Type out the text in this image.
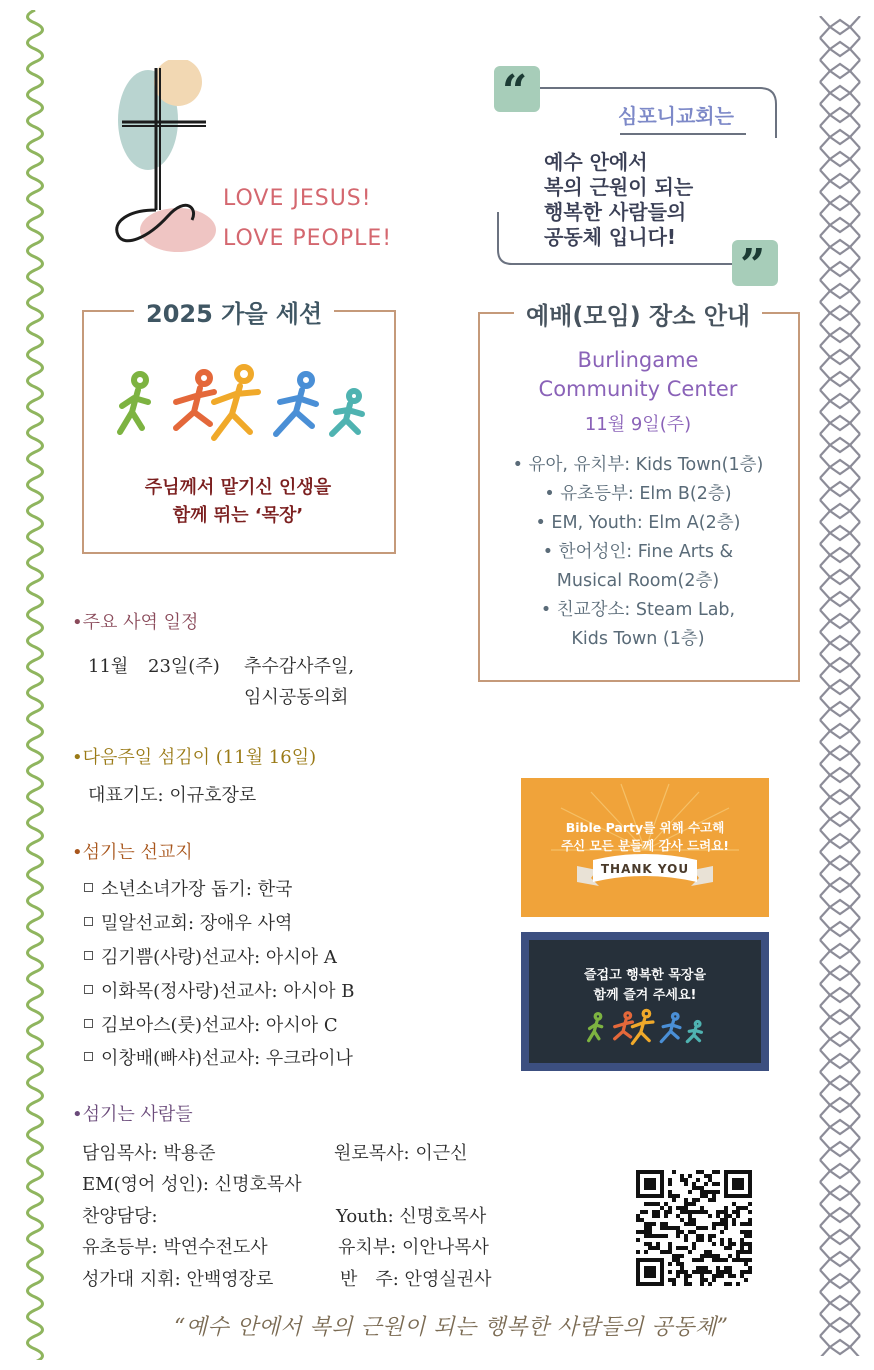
LOVE JESUS!
LOVE PEOPLE!
“
”
심포니교회는
예수 안에서
복의 근원이 되는
행복한 사람들의
공동체 입니다!
2025 가을 세션
주님께서 맡기신 인생을
함께 뛰는 ‘목장’
예배(모임) 장소 안내
Burlingame
Community Center
11월 9일(주)
• 유아, 유치부: Kids Town(1층)
• 유초등부: Elm B(2층)
• EM, Youth: Elm A(2층)
• 한어성인: Fine Arts &
Musical Room(2층)
• 친교장소: Steam Lab,
Kids Town (1층)
•주요 사역 일정
11월 23일(주) 추수감사주일,
임시공동의회
•다음주일 섬김이 (11월 16일)
대표기도: 이규호장로
•섬기는 선교지
소년소녀가장 돕기: 한국
밀알선교회: 장애우 사역
김기쁨(사랑)선교사: 아시아 A
이화목(정사랑)선교사: 아시아 B
김보아스(룻)선교사: 아시아 C
이창배(빠샤)선교사: 우크라이나
•섬기는 사람들
담임목사: 박용준	원로목사: 이근신
EM(영어 성인): 신명호목사
찬양담당:	Youth: 신명호목사
유초등부: 박연수전도사	유치부: 이안나목사
성가대 지휘: 안백영장로	반　주: 안영실권사
Bible Party를 위해 수고해
주신 모든 분들께 감사 드려요!
THANK YOU
즐겁고 행복한 목장을
함께 즐겨 주세요!
“예수 안에서 복의 근원이 되는 행복한 사람들의 공동체”
